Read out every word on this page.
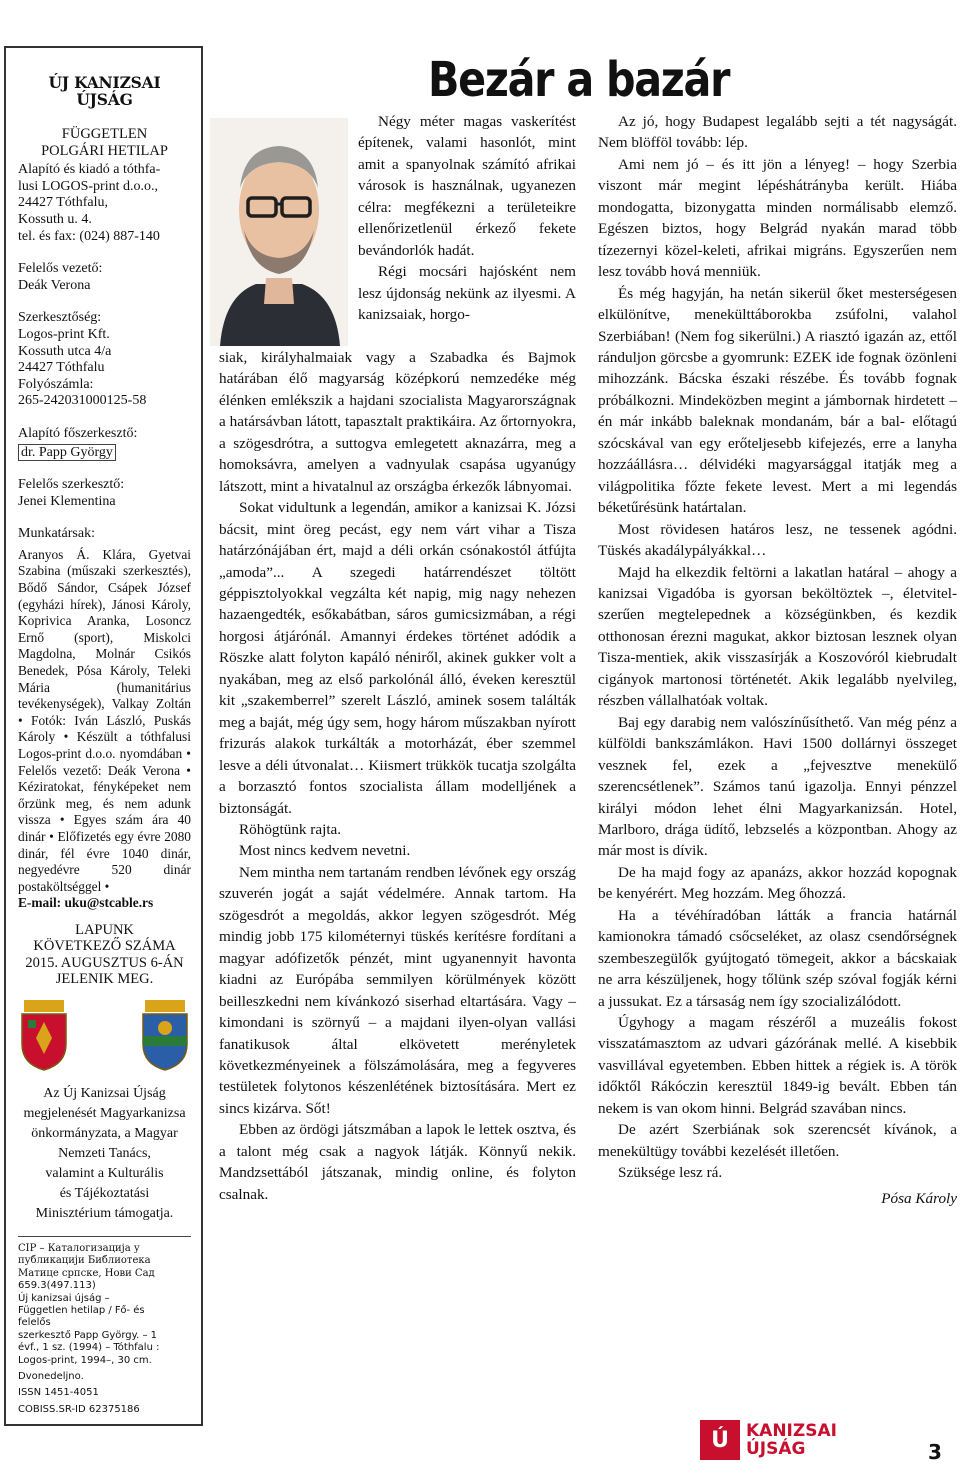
ÚJ KANIZSAI ÚJSÁG
FÜGGETLEN
POLGÁRI HETILAP
Alapító és kiadó a tóthfa-
lusi LOGOS-print d.o.o.,
24427 Tóthfalu,
Kossuth u. 4.
tel. és fax: (024) 887-140
Felelős vezető:
Deák Verona
Szerkesztőség:
Logos-print Kft.
Kossuth utca 4/a
24427 Tóthfalu
Folyószámla:
265-242031000125-58
Alapító főszerkesztő:
dr. Papp György
Felelős szerkesztő:
Jenei Klementina
Munkatársak:
Aranyos Á. Klára, Gyetvai Szabina (műszaki szerkesztés), Bődő Sándor, Csápek József (egyházi hírek), Jánosi Károly, Koprivica Aranka, Losoncz Ernő (sport), Miskolci Magdolna, Molnár Csikós Benedek, Pósa Károly, Teleki Mária (humanitárius tevékenységek), Valkay Zoltán • Fotók: Iván László, Puskás Károly • Készült a tóthfalusi Logos-print d.o.o. nyomdában • Felelős vezető: Deák Verona • Kéziratokat, fényképeket nem őrzünk meg, és nem adunk vissza • Egyes szám ára 40 dinár • Előfizetés egy évre 2080 dinár, fél évre 1040 dinár, negyedévre 520 dinár postaköltséggel •
E-mail: uku@stcable.rs
LAPUNK
KÖVETKEZŐ SZÁMA
2015. AUGUSZTUS 6-ÁN
JELENIK MEG.
Az Új Kanizsai Újság
megjelenését Magyarkanizsa
önkormányzata, a Magyar
Nemzeti Tanács,
valamint a Kulturális
és Tájékoztatási
Minisztérium támogatja.
CIP – Каталогизација у
публикацији Библиотека
Матице српске, Нови Сад
659.3(497.113)
Új kanizsai újság –
Független hetilap / Fő- és
felelős
szerkesztő Papp György. – 1
évf., 1 sz. (1994) – Tóthfalu :
Logos-print, 1994–, 30 cm.
Dvonedeljno.
ISSN 1451-4051
COBISS.SR-ID 62375186
Bezár a bazár

Négy méter magas vaskerítést építenek, valami hasonlót, mint amit a spanyolnak számító afrikai városok is használnak, ugyanezen célra: megfékezni a területeikre ellenőrizetlenül érkező fekete bevándorlók hadát.

Régi mocsári hajósként nem lesz újdonság nekünk az ilyesmi. A kanizsaiak, horgo-

siak, királyhalmaiak vagy a Szabadka és Bajmok határában élő magyarság középkorú nemzedéke még élénken emlékszik a hajdani szocialista Magyarországnak a határsávban látott, tapasztalt praktikáira. Az őrtornyokra, a szögesdrótra, a suttogva emlegetett aknazárra, meg a homoksávra, amelyen a vadnyulak csapása ugyanúgy látszott, mint a hivatalnul az országba érkezők lábnyomai.

Sokat vidultunk a legendán, amikor a kanizsai K. Józsi bácsit, mint öreg pecást, egy nem várt vihar a Tisza határzónájában ért, majd a déli orkán csónakostól átfújta „amoda”... A szegedi határrendészet töltött géppisztolyokkal vegzálta két napig, mig nagy nehezen hazaengedték, esőkabátban, sáros gumicsizmában, a régi horgosi átjárónál. Amannyi érdekes történet adódik a Röszke alatt folyton kapáló néniről, akinek gukker volt a nyakában, meg az első parkolónál álló, éveken keresztül kit „szakemberrel” szerelt László, aminek sosem találták meg a baját, még úgy sem, hogy három műszakban nyírott frizurás alakok turkálták a motorházát, éber szemmel lesve a déli útvonalat… Kiismert trükkök tucatja szolgálta a borzasztó fontos szocialista állam modelljének a biztonságát.

Röhögtünk rajta.

Most nincs kedvem nevetni.

Nem mintha nem tartanám rendben lévőnek egy ország szuverén jogát a saját védelmére. Annak tartom. Ha szögesdrót a megoldás, akkor legyen szögesdrót. Még mindig jobb 175 kilométernyi tüskés kerítésre fordítani a magyar adófizetők pénzét, mint ugyanennyit havonta kiadni az Európába semmilyen körülmények között beilleszkedni nem kívánkozó siserhad eltartására. Vagy – kimondani is szörnyű – a majdani ilyen-olyan vallási fanatikusok által elkövetett merényletek következményeinek a fölszámolására, meg a fegyveres testületek folytonos készenlétének biztosítására. Mert ez sincs kizárva. Sőt!

Ebben az ördögi játszmában a lapok le lettek osztva, és a talont még csak a nagyok látják. Könnyű nekik. Mandzsettából játszanak, mindig online, és folyton csalnak.

Az jó, hogy Budapest legalább sejti a tét nagyságát. Nem blöfföl tovább: lép.

Ami nem jó – és itt jön a lényeg! – hogy Szerbia viszont már megint lépéshátrányba került. Hiába mondogatta, bizonygatta minden normálisabb elemző. Egészen biztos, hogy Belgrád nyakán marad több tízezernyi közel-keleti, afrikai migráns. Egyszerűen nem lesz tovább hová menniük.

És még hagyján, ha netán sikerül őket mesterségesen elkülönítve, menekülttáborokba zsúfolni, valahol Szerbiában! (Nem fog sikerülni.) A riasztó igazán az, ettől ránduljon görcsbe a gyomrunk: EZEK ide fognak özönleni mihozzánk. Bácska északi részébe. És tovább fognak próbálkozni. Mindeközben megint a jámbornak hirdetett – én már inkább baleknak mondanám, bár a bal- előtagú szócskával van egy erőteljesebb kifejezés, erre a lanyha hozzáállásra… délvidéki magyarsággal itatják meg a világpolitika főzte fekete levest. Mert a mi legendás béketűrésünk határtalan.

Most rövidesen határos lesz, ne tessenek agódni. Tüskés akadálypályákkal…

Majd ha elkezdik feltörni a lakatlan határal – ahogy a kanizsai Vigadóba is gyorsan beköltöztek –, életvitel-szerűen megtelepednek a községünkben, és kezdik otthonosan érezni magukat, akkor biztosan lesznek olyan Tisza-mentiek, akik visszasírják a Koszovóról kiebrudalt cigányok martonosi történetét. Akik legalább nyelvileg, részben vállalhatóak voltak.

Baj egy darabig nem valószínűsíthető. Van még pénz a külföldi bankszámlákon. Havi 1500 dollárnyi összeget vesznek fel, ezek a „fejvesztve menekülő szerencsétlenek”. Számos tanú igazolja. Ennyi pénzzel királyi módon lehet élni Magyarkanizsán. Hotel, Marlboro, drága üdítő, lebzselés a központban. Ahogy az már most is dívik.

De ha majd fogy az apanázs, akkor hozzád kopognak be kenyérért. Meg hozzám. Meg őhozzá.

Ha a tévéhíradóban látták a francia határnál kamionokra támadó csőcseléket, az olasz csendőrségnek szembeszegülők gyújtogató tömegeit, akkor a bácskaiak ne arra készüljenek, hogy tőlünk szép szóval fogják kérni a jussukat. Ez a társaság nem így szocializálódott.

Úgyhogy a magam részéről a muzeális fokost visszatámasztom az udvari gázórának mellé. A kisebbik vasvillával egyetemben. Ebben hittek a régiek is. A török időktől Rákóczin keresztül 1849-ig bevált. Ebben tán nekem is van okom hinni. Belgrád szavában nincs.

De azért Szerbiának sok szerencsét kívánok, a menekültügy további kezelését illetően.

Szüksége lesz rá.

Pósa Károly
Ú	KANIZSAI
ÚJSÁG	3
